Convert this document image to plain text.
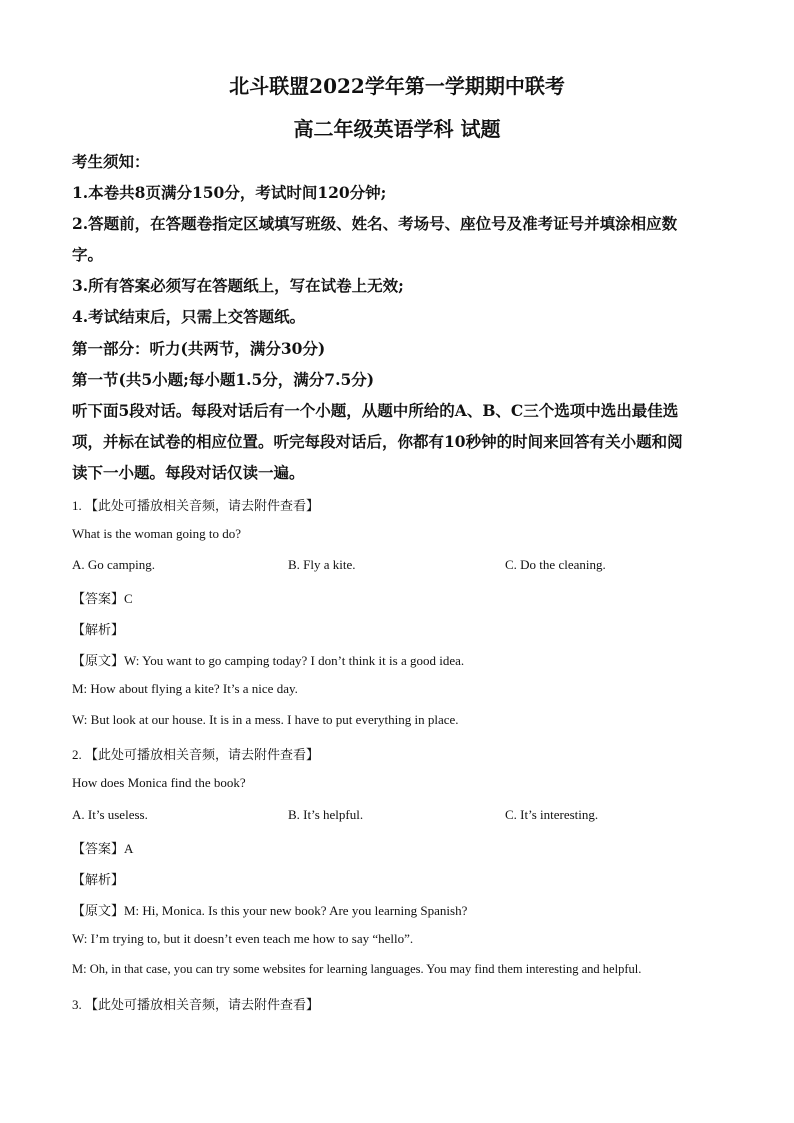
北斗联盟2022学年第一学期期中联考
高二年级英语学科 试题
考生须知：
1.本卷共8页满分150分，考试时间120分钟;
2.答题前，在答题卷指定区域填写班级、姓名、考场号、座位号及准考证号并填涂相应数
字。
3.所有答案必须写在答题纸上，写在试卷上无效;
4.考试结束后，只需上交答题纸。
第一部分：听力(共两节，满分30分)
第一节(共5小题;每小题1.5分，满分7.5分)
听下面5段对话。每段对话后有一个小题，从题中所给的A、B、C三个选项中选出最佳选
项，并标在试卷的相应位置。听完每段对话后，你都有10秒钟的时间来回答有关小题和阅
读下一小题。每段对话仅读一遍。
1. 【此处可播放相关音频，请去附件查看】
What is the woman going to do?
A. Go camping.	B. Fly a kite.	C. Do the cleaning.
【答案】C
【解析】
【原文】W: You want to go camping today? I don’t think it is a good idea.
M: How about flying a kite? It’s a nice day.
W: But look at our house. It is in a mess. I have to put everything in place.
2. 【此处可播放相关音频，请去附件查看】
How does Monica find the book?
A. It’s useless.	B. It’s helpful.	C. It’s interesting.
【答案】A
【解析】
【原文】M: Hi, Monica. Is this your new book? Are you learning Spanish?
W: I’m trying to, but it doesn’t even teach me how to say “hello”.
M: Oh, in that case, you can try some websites for learning languages. You may find them interesting and helpful.
3. 【此处可播放相关音频，请去附件查看】
